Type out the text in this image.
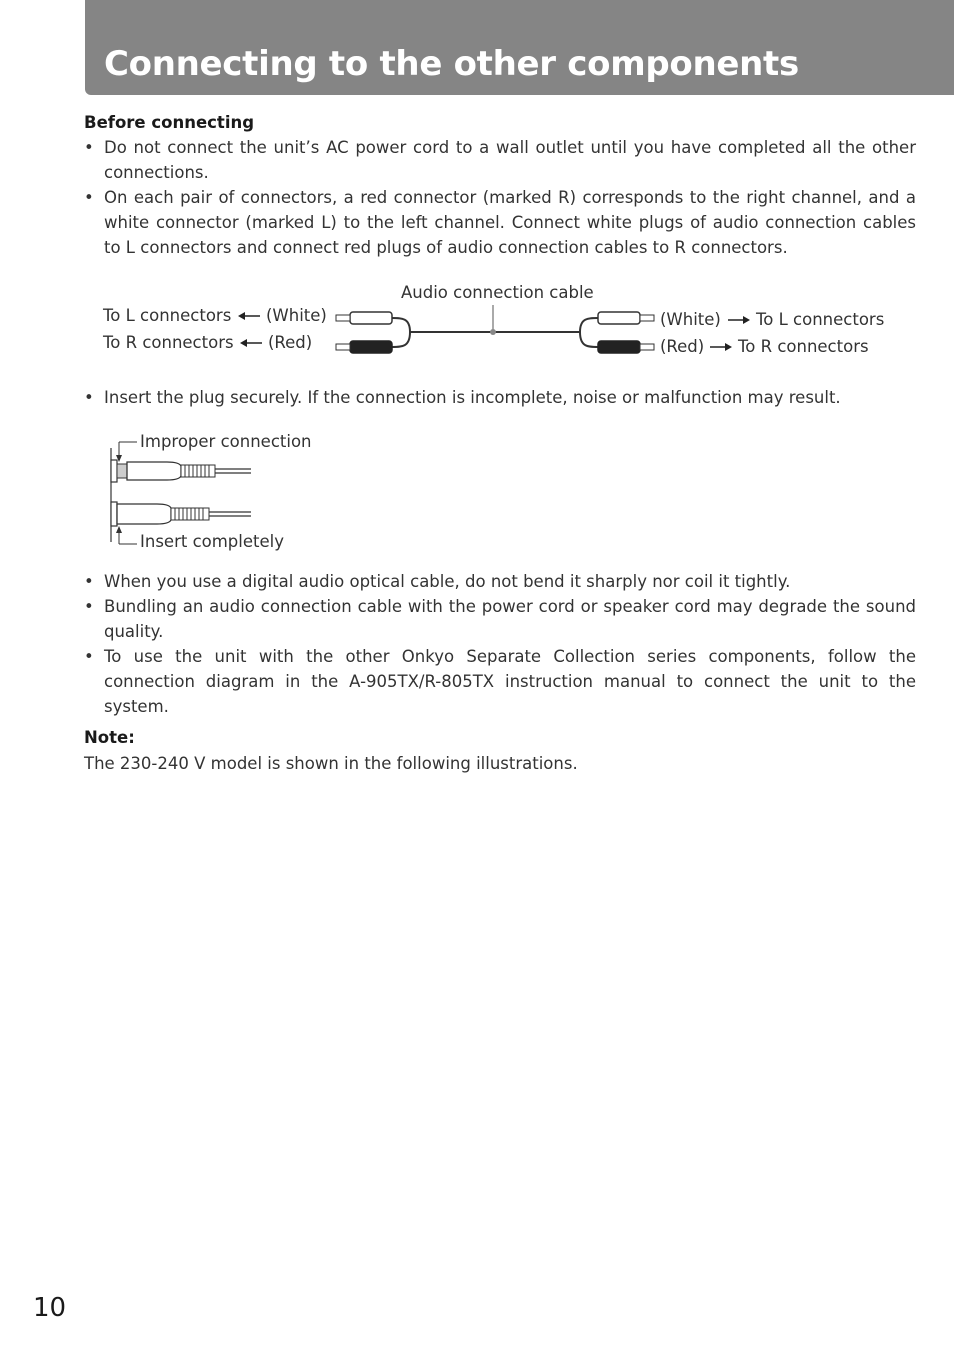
Connecting to the other components
Before connecting
• Do not connect the unit’s AC power cord to a wall outlet until you have completed all the other connections.
• On each pair of connectors, a red connector (marked R) corresponds to the right channel, and a white connector (marked L) to the left channel. Connect white plugs of audio connection cables to L connectors and connect red plugs of audio connection cables to R connectors.
Audio connection cable
To L connectors (White)
To R connectors (Red)
(White) To L connectors
(Red) To R connectors
• Insert the plug securely. If the connection is incomplete, noise or malfunction may result.
Improper connection
Insert completely
• When you use a digital audio optical cable, do not bend it sharply nor coil it tightly.
• Bundling an audio connection cable with the power cord or speaker cord may degrade the sound quality.
• To use the unit with the other Onkyo Separate Collection series components, follow the connection diagram in the A-905TX/R-805TX instruction manual to connect the unit to the system.
Note:
The 230-240 V model is shown in the following illustrations.
10
